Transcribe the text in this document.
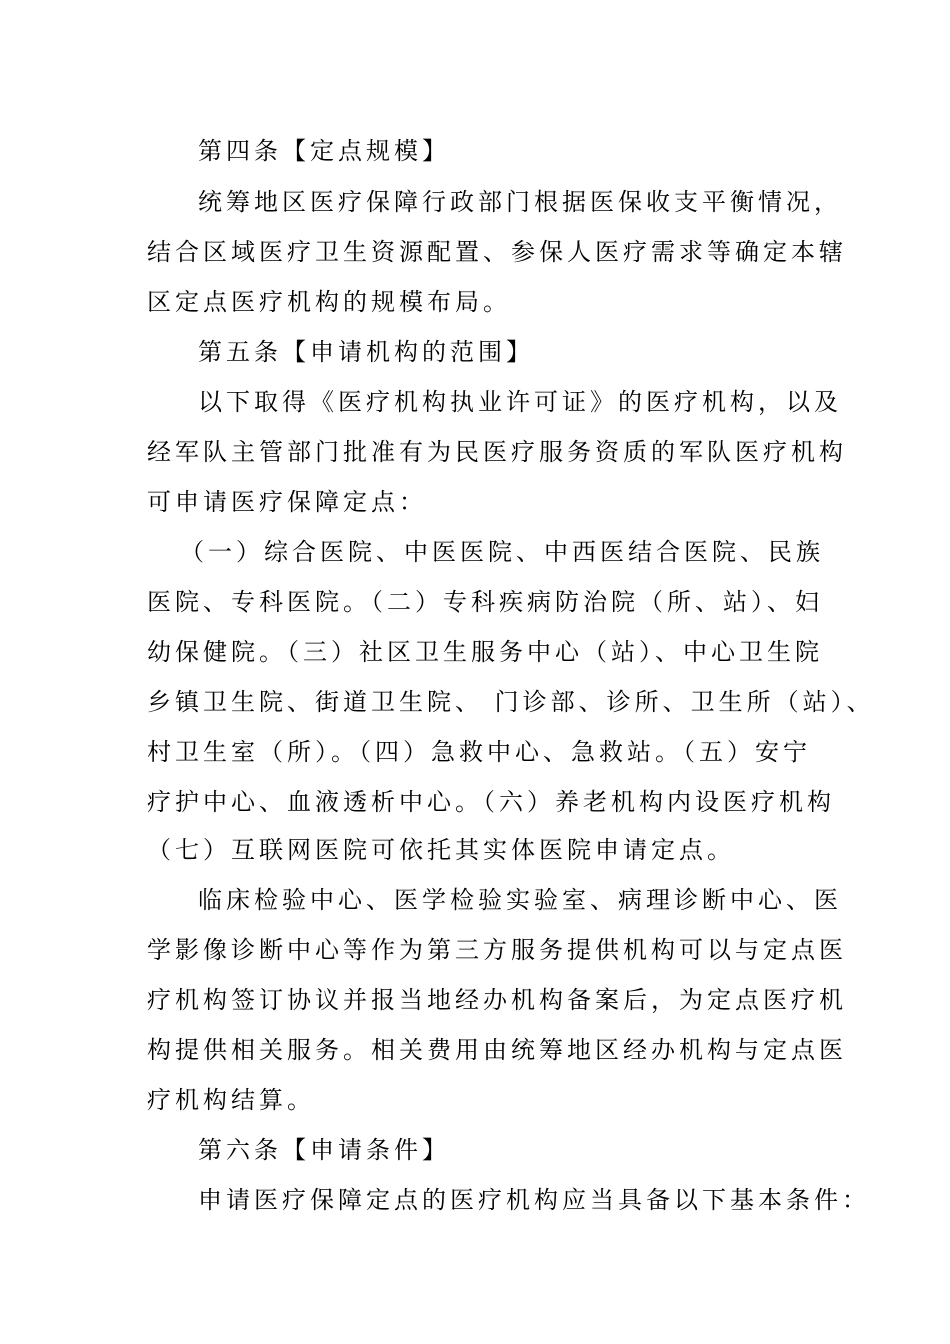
第四条【定点规模】

统筹地区医疗保障行政部门根据医保收支平衡情况，

结合区域医疗卫生资源配置、参保人医疗需求等确定本辖

区定点医疗机构的规模布局。

第五条【申请机构的范围】

以下取得《医疗机构执业许可证》的医疗机构，以及

经军队主管部门批准有为民医疗服务资质的军队医疗机构

可申请医疗保障定点：

（一）综合医院、中医医院、中西医结合医院、民族

医院、专科医院。（二）专科疾病防治院（所、站）、妇

幼保健院。（三）社区卫生服务中心（站）、中心卫生院

乡镇卫生院、街道卫生院、 门诊部、诊所、卫生所（站）、

村卫生室（所）。（四）急救中心、急救站。（五）安宁

疗护中心、血液透析中心。（六）养老机构内设医疗机构

（七）互联网医院可依托其实体医院申请定点。

临床检验中心、医学检验实验室、病理诊断中心、医

学影像诊断中心等作为第三方服务提供机构可以与定点医

疗机构签订协议并报当地经办机构备案后，为定点医疗机

构提供相关服务。相关费用由统筹地区经办机构与定点医

疗机构结算。

第六条【申请条件】

申请医疗保障定点的医疗机构应当具备以下基本条件：
